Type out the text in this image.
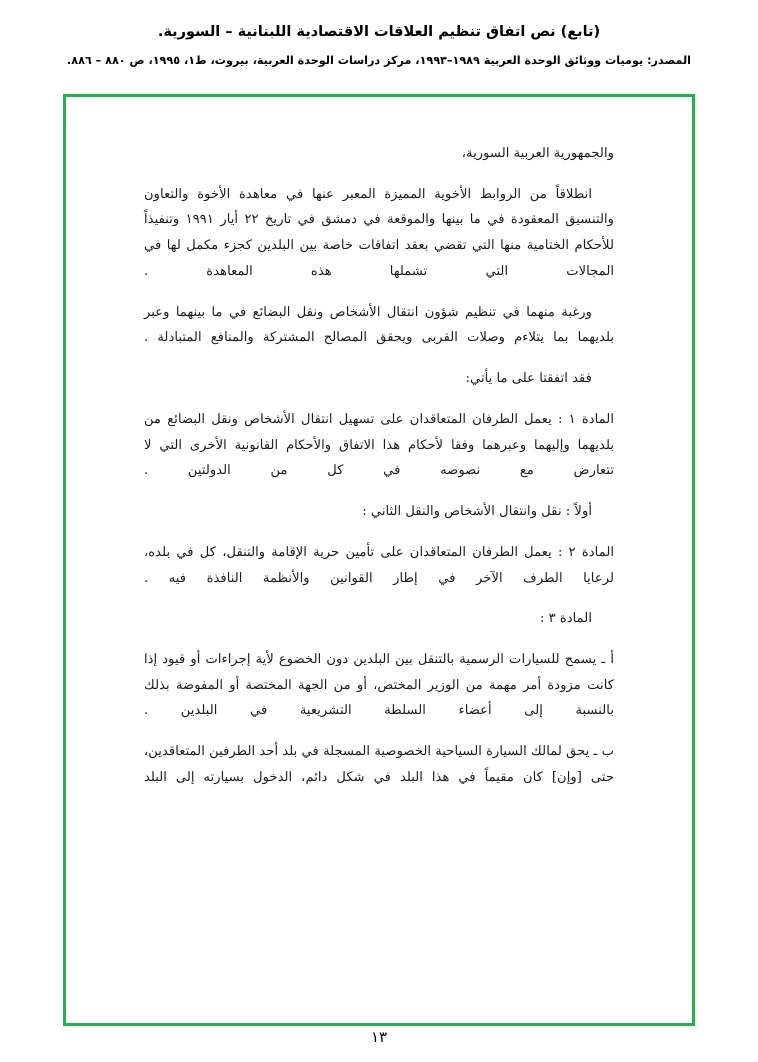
(تابع) نص اتفاق تنظيم العلاقات الاقتصادية اللبنانية – السورية.
المصدر: يوميات ووثائق الوحدة العربية ١٩٨٩–١٩٩٣، مركز دراسات الوحدة العربية، بيروت، ط١، ١٩٩٥، ص ٨٨٠ – ٨٨٦.

والجمهورية العربية السورية،

انطلاقاً من الروابط الأخوية المميزة المعبر عنها في معاهدة الأخوة والتعاون والتنسيق المعقودة في ما بينها والموقعة في دمشق في تاريخ ٢٢ أيار ١٩٩١ وتنفيذاً للأحكام الختامية منها التي تقضي بعقد اتفاقات خاصة بين البلدين كجزء مكمل لها في المجالات التي تشملها هذه المعاهدة .

ورغبة منهما في تنظيم شؤون انتقال الأشخاص ونقل البضائع في ما بينهما وعبر بلديهما بما يتلاءم وصلات القربى ويحقق المصالح المشتركة والمنافع المتبادلة .

فقد اتفقتا على ما يأتي:

المادة ١ : يعمل الطرفان المتعاقدان على تسهيل انتقال الأشخاص ونقل البضائع من بلديهما وإليهما وعبرهما وفقا لأحكام هذا الاتفاق والأحكام القانونية الأخرى التي لا تتعارض مع نصوصه في كل من الدولتين .

أولاً : نقل وانتقال الأشخاص والنقل الثاني :

المادة ٢ : يعمل الطرفان المتعاقدان على تأمين حرية الإقامة والتنقل، كل في بلده، لرعايا الطرف الآخر في إطار القوانين والأنظمة النافذة فيه .

المادة ٣ :

أ ـ يسمح للسيارات الرسمية بالتنقل بين البلدين دون الخضوع لأية إجراءات أو قيود إذا كانت مزودة أمر مهمة من الوزير المختص، أو من الجهة المختصة أو المفوضة بذلك بالنسبة إلى أعضاء السلطة التشريعية في البلدين .

ب ـ يحق لمالك السيارة السياحية الخصوصية المسجلة في بلد أحد الطرفين المتعاقدين، حتى [وإن] كان مقيماً في هذا البلد في شكل دائم، الدخول بسيارته إلى البلد

١٣
